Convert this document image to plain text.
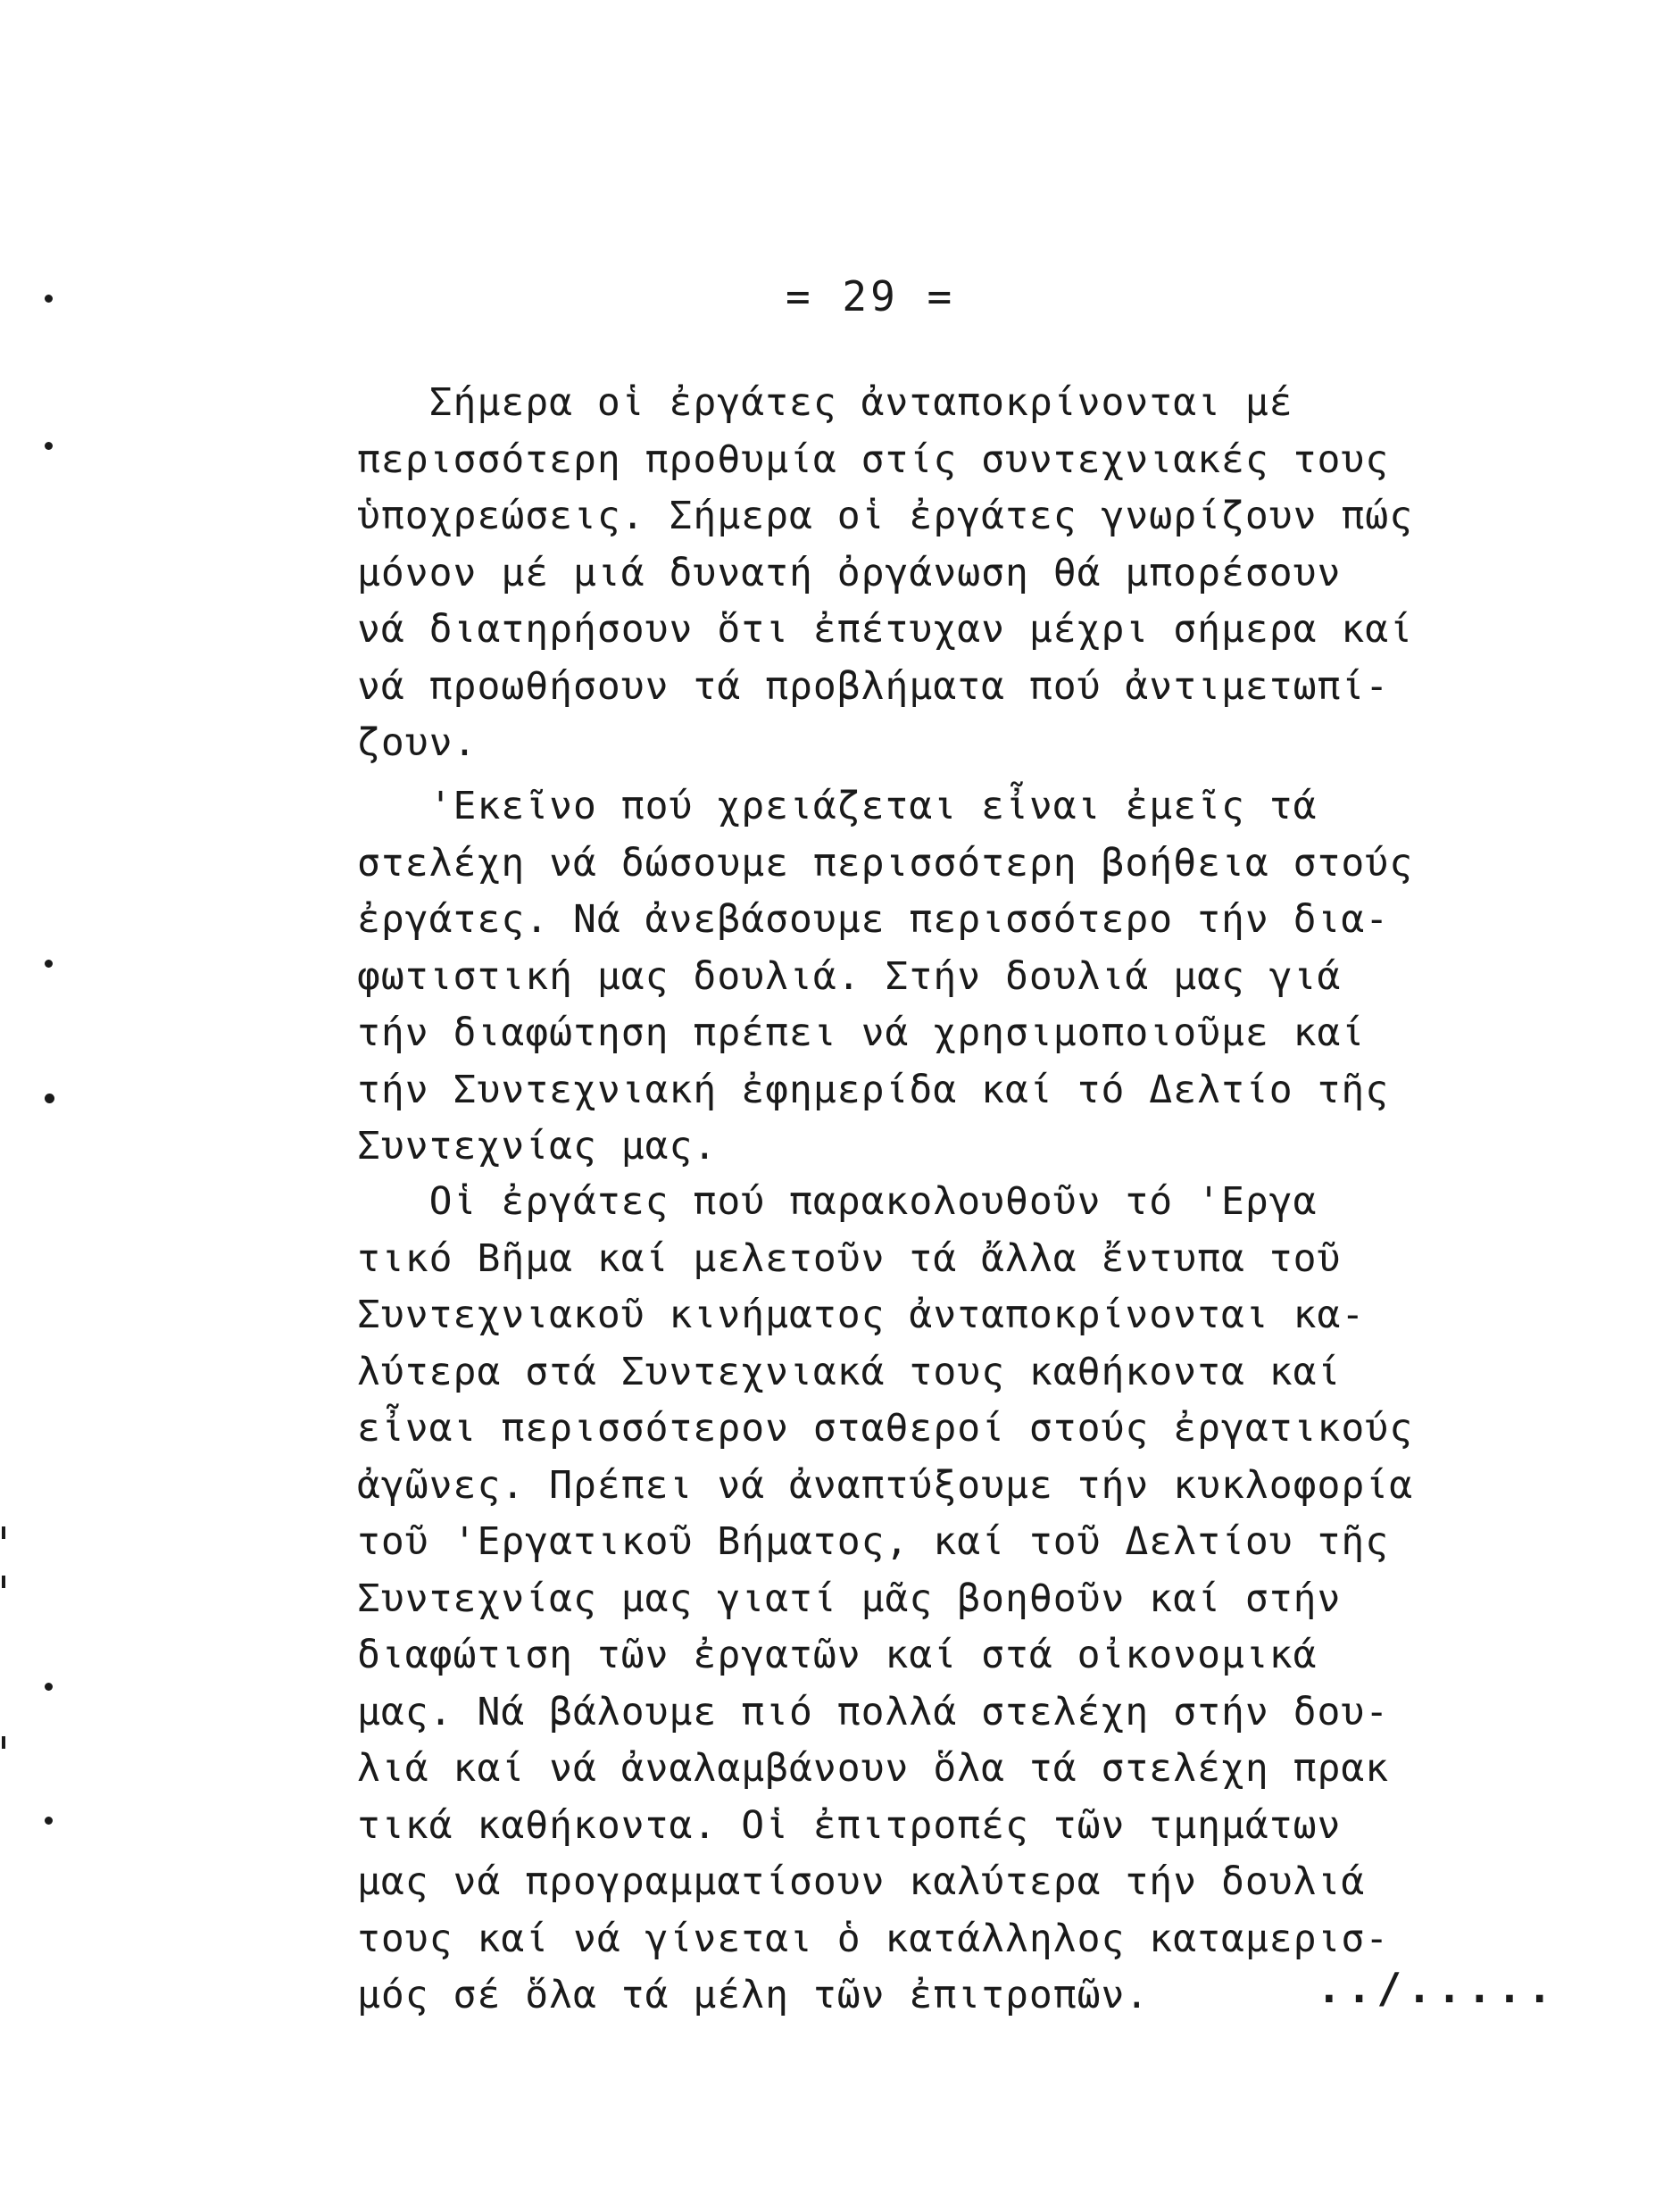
= 29 =
Σήμερα οἱ ἐργάτες ἀνταποκρίνονται μέ
περισσότερη προθυμία στίς συντεχνιακές τους
ὑποχρεώσεις. Σήμερα οἱ ἐργάτες γνωρίζουν πώς
μόνον μέ μιά δυνατή ὀργάνωση θά μπορέσουν
νά διατηρήσουν ὅτι ἐπέτυχαν μέχρι σήμερα καί
νά προωθήσουν τά προβλήματα πού ἀντιμετωπί-
ζουν.
'Εκεῖνο πού χρειάζεται εἶναι ἐμεῖς τά
στελέχη νά δώσουμε περισσότερη βοήθεια στούς
ἐργάτες. Νά ἀνεβάσουμε περισσότερο τήν δια-
φωτιστική μας δουλιά. Στήν δουλιά μας γιά
τήν διαφώτηση πρέπει νά χρησιμοποιοῦμε καί
τήν Συντεχνιακή ἐφημερίδα καί τό Δελτίο τῆς
Συντεχνίας μας.
Οἱ ἐργάτες πού παρακολουθοῦν τό 'Εργα
τικό Βῆμα καί μελετοῦν τά ἄλλα ἔντυπα τοῦ
Συντεχνιακοῦ κινήματος ἀνταποκρίνονται κα-
λύτερα στά Συντεχνιακά τους καθήκοντα καί
εἶναι περισσότερον σταθεροί στούς ἐργατικούς
ἀγῶνες. Πρέπει νά ἀναπτύξουμε τήν κυκλοφορία
τοῦ 'Εργατικοῦ Βήματος, καί τοῦ Δελτίου τῆς
Συντεχνίας μας γιατί μᾶς βοηθοῦν καί στήν
διαφώτιση τῶν ἐργατῶν καί στά οἰκονομικά
μας. Νά βάλουμε πιό πολλά στελέχη στήν δου-
λιά καί νά ἀναλαμβάνουν ὅλα τά στελέχη πρακ
τικά καθήκοντα. Οἱ ἐπιτροπές τῶν τμημάτων
μας νά προγραμματίσουν καλύτερα τήν δουλιά
τους καί νά γίνεται ὁ κατάλληλος καταμερισ-
μός σέ ὅλα τά μέλη τῶν ἐπιτροπῶν.	../.....
